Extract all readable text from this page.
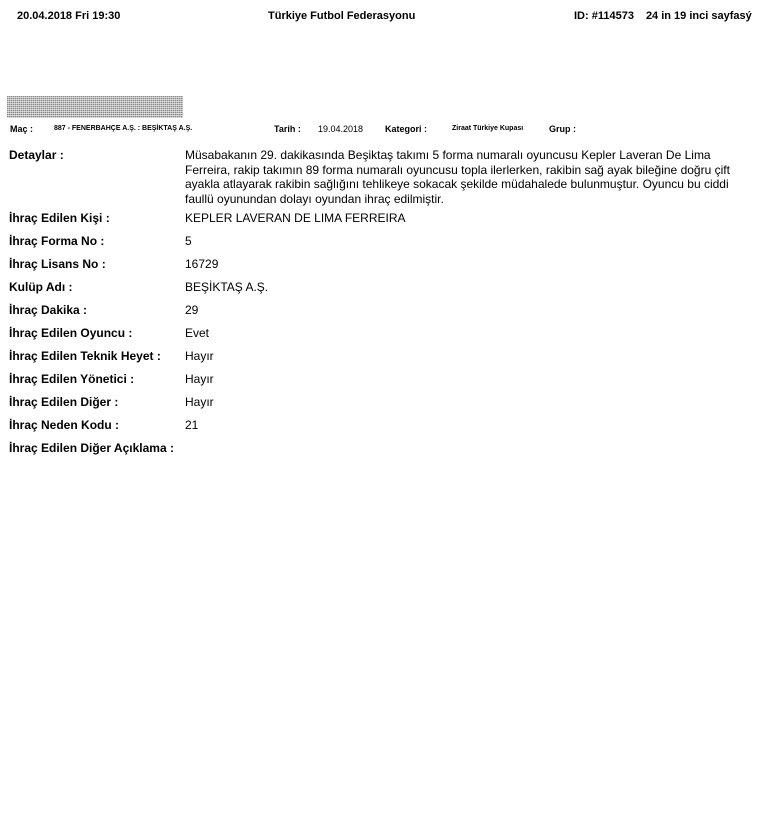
20.04.2018 Fri 19:30	Türkiye Futbol Federasyonu	ID: #114573 24 in 19 inci sayfasý
Maç :	887 - FENERBAHÇE A.Ş. : BEŞİKTAŞ A.Ş.	Tarih : 19.04.2018 Kategori :	Ziraat Türkiye Kupası	Grup :
Detaylar :	Müsabakanın 29. dakikasında Beşiktaş takımı 5 forma numaralı oyuncusu Kepler Laveran De Lima Ferreira, rakip takımın 89 forma numaralı oyuncusu topla ilerlerken, rakibin sağ ayak bileğine doğru çift ayakla atlayarak rakibin sağlığını tehlikeye sokacak şekilde müdahalede bulunmuştur. Oyuncu bu ciddi faullü oyunundan dolayı oyundan ihraç edilmiştir.
İhraç Edilen Kişi :	KEPLER LAVERAN DE LIMA FERREIRA
İhraç Forma No :	5
İhraç Lisans No :	16729
Kulüp Adı :	BEŞİKTAŞ A.Ş.
İhraç Dakika :	29
İhraç Edilen Oyuncu :	Evet
İhraç Edilen Teknik Heyet : Hayır
İhraç Edilen Yönetici :	Hayır
İhraç Edilen Diğer :	Hayır
İhraç Neden Kodu :	21
İhraç Edilen Diğer Açıklama :
